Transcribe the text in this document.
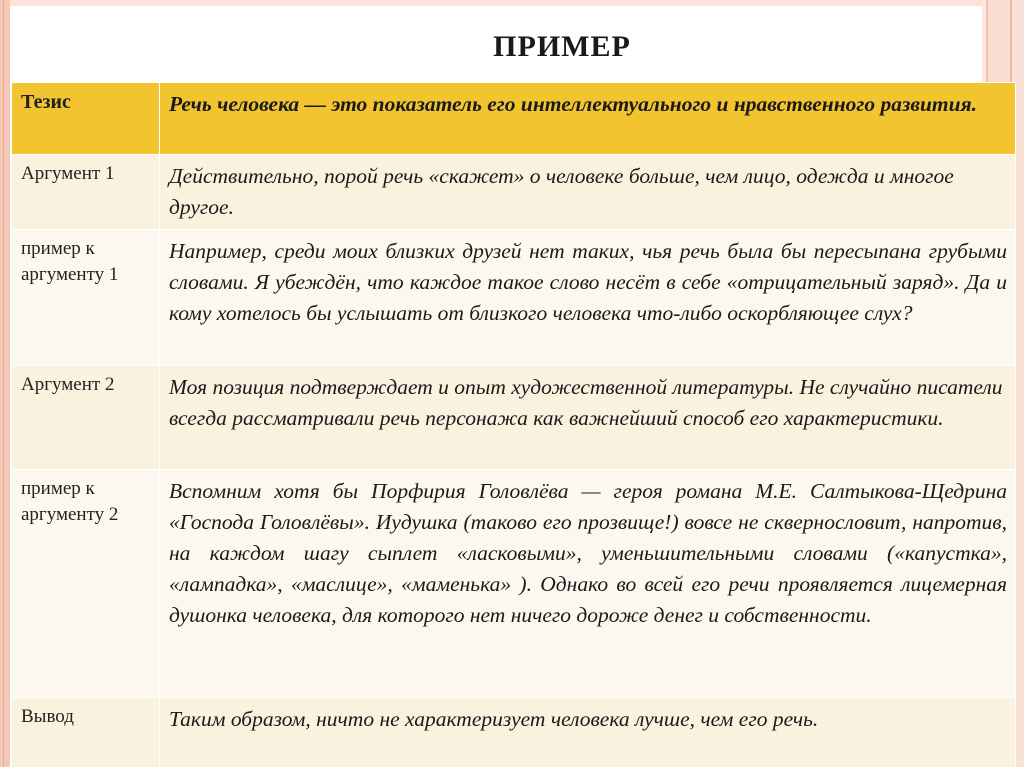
ПРИМЕР
Тезис	Речь человека — это показатель его интеллектуального и нравственного развития.

Аргумент 1	Действительно, порой речь «скажет» о человеке больше, чем лицо, одежда и многое другое.

пример к аргументу 1	Например, среди моих близких друзей нет таких, чья речь была бы пересыпана грубыми словами. Я убеждён, что каждое такое слово несёт в себе «отрицательный заряд». Да и кому хотелось бы услышать от близкого человека что-либо оскорбляющее слух?

Аргумент 2	Моя позиция подтверждает и опыт художественной литературы. Не случайно писатели всегда рассматривали речь персонажа как важнейший способ его характеристики.

пример к аргументу 2	Вспомним хотя бы Порфирия Головлёва — героя романа М.Е. Салтыкова-Щедрина «Господа Головлёвы». Иудушка (таково его прозвище!) вовсе не сквернословит, напротив, на каждом шагу сыплет «ласковыми», уменьшительными словами («капустка», «лампадка», «маслице», «маменька» ). Однако во всей его речи проявляется лицемерная душонка человека, для которого нет ничего дороже денег и собственности.

Вывод	Таким образом, ничто не характеризует человека лучше, чем его речь.
